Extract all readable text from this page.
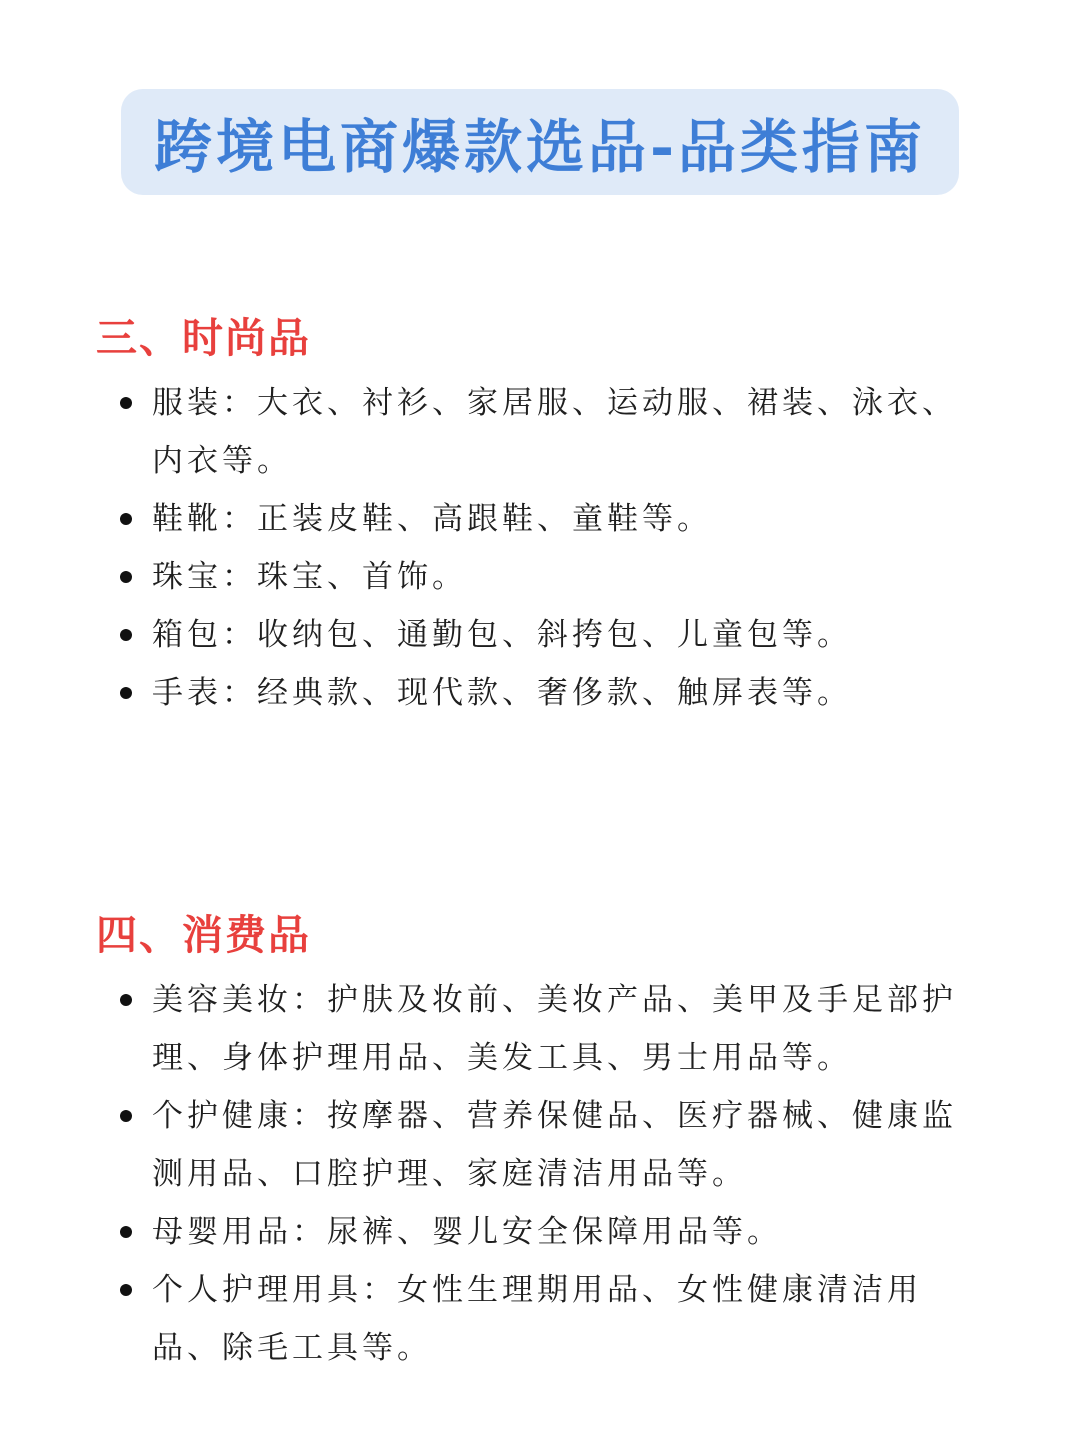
跨境电商爆款选品-品类指南
三、时尚品
服装：大衣、衬衫、家居服、运动服、裙装、泳衣、内衣等。
鞋靴：正装皮鞋、高跟鞋、童鞋等。
珠宝：珠宝、首饰。
箱包：收纳包、通勤包、斜挎包、儿童包等。
手表：经典款、现代款、奢侈款、触屏表等。
四、消费品
美容美妆：护肤及妆前、美妆产品、美甲及手足部护理、身体护理用品、美发工具、男士用品等。
个护健康：按摩器、营养保健品、医疗器械、健康监测用品、口腔护理、家庭清洁用品等。
母婴用品：尿裤、婴儿安全保障用品等。
个人护理用具：女性生理期用品、女性健康清洁用品、除毛工具等。
